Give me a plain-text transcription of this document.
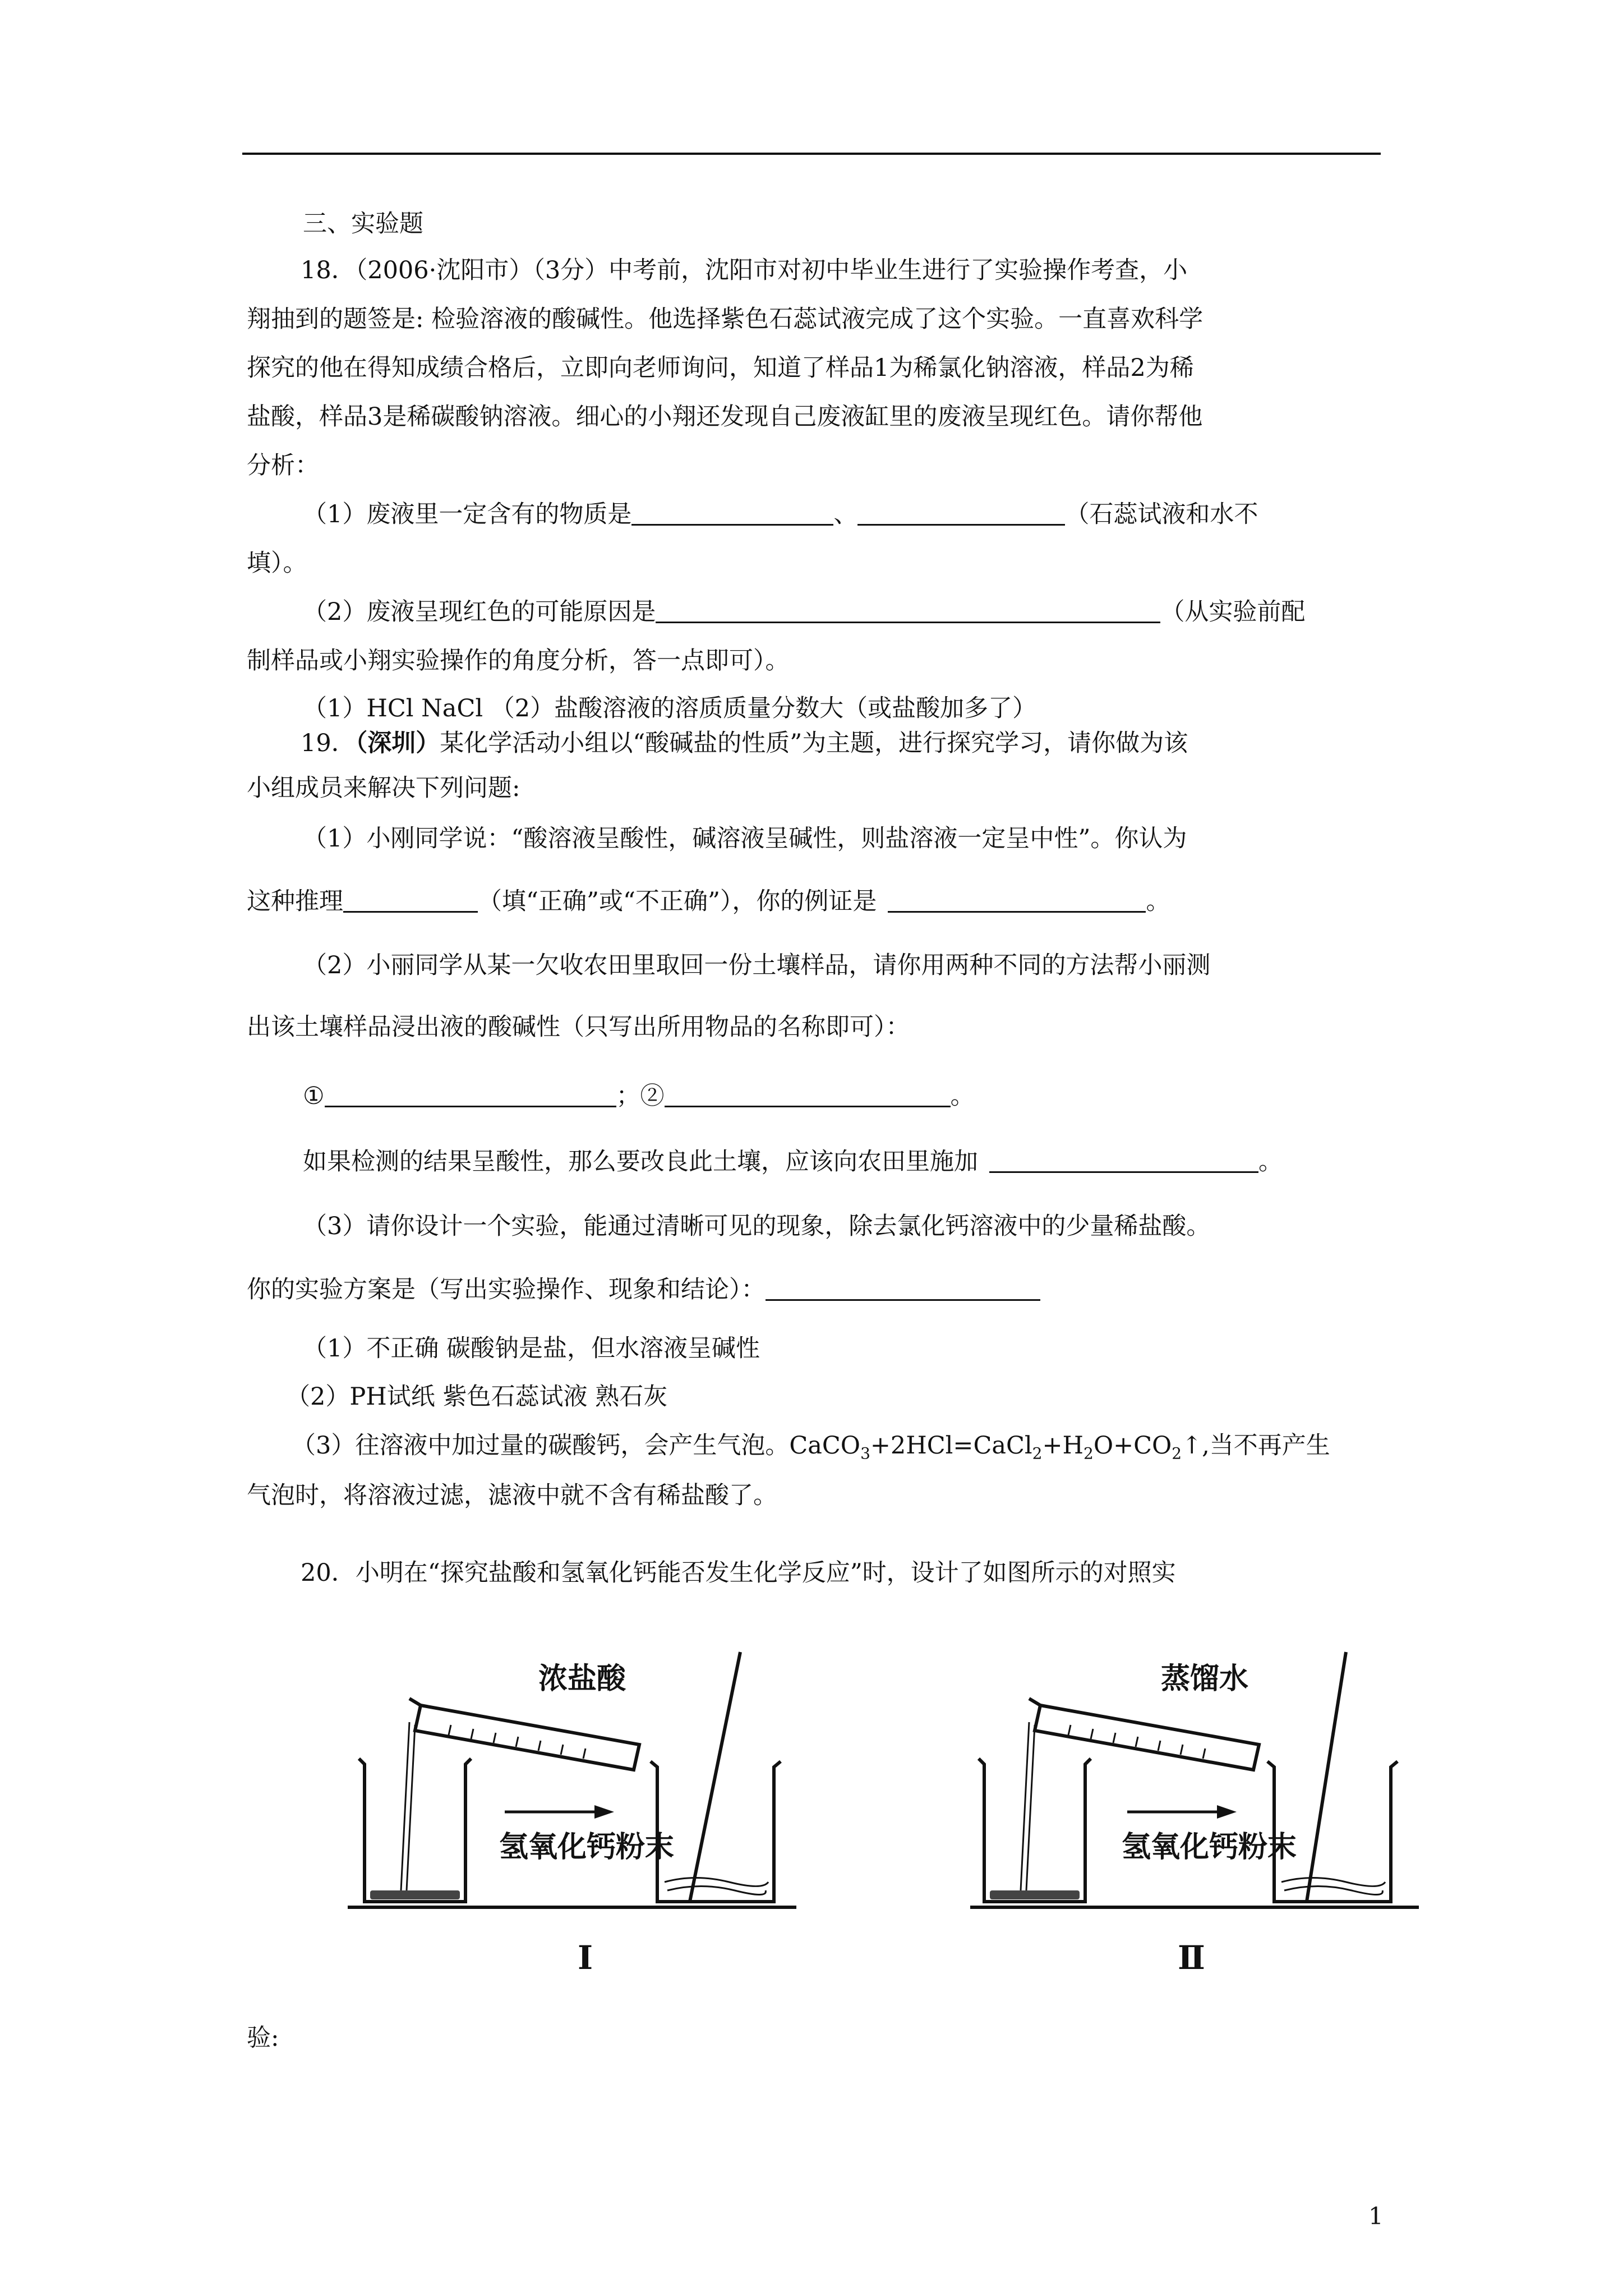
三、实验题
18．（2006·沈阳市）（3分）中考前，沈阳市对初中毕业生进行了实验操作考查，小
翔抽到的题签是: 检验溶液的酸碱性。他选择紫色石蕊试液完成了这个实验。一直喜欢科学
探究的他在得知成绩合格后，立即向老师询问，知道了样品1为稀氯化钠溶液，样品2为稀
盐酸，样品3是稀碳酸钠溶液。细心的小翔还发现自己废液缸里的废液呈现红色。请你帮他
分析：
（1）废液里一定含有的物质是	、	（石蕊试液和水不
填）。
（2）废液呈现红色的可能原因是	（从实验前配
制样品或小翔实验操作的角度分析，答一点即可）。
（1）HCl NaCl （2）盐酸溶液的溶质质量分数大（或盐酸加多了）
19．（深圳）某化学活动小组以“酸碱盐的性质”为主题，进行探究学习，请你做为该
小组成员来解决下列问题:
（1）小刚同学说：“酸溶液呈酸性，碱溶液呈碱性，则盐溶液一定呈中性”。你认为
这种推理	（填“正确”或“不正确”），你的例证是	。
（2）小丽同学从某一欠收农田里取回一份土壤样品，请你用两种不同的方法帮小丽测
出该土壤样品浸出液的酸碱性（只写出所用物品的名称即可）：
①	；②	。
如果检测的结果呈酸性，那么要改良此土壤，应该向农田里施加	。
（3）请你设计一个实验，能通过清晰可见的现象，除去氯化钙溶液中的少量稀盐酸。
你的实验方案是（写出实验操作、现象和结论）：
（1）不正确 碳酸钠是盐，但水溶液呈碱性
（2）PH试纸 紫色石蕊试液 熟石灰
（3）往溶液中加过量的碳酸钙，会产生气泡。$CaCO_3+2HCl=CaCl_2+H_2O+CO_2↑$,当不再产生
气泡时，将溶液过滤，滤液中就不含有稀盐酸了。
20．小明在“探究盐酸和氢氧化钙能否发生化学反应”时，设计了如图所示的对照实
浓盐酸
氢氧化钙粉末
蒸馏水
氢氧化钙粉末
Ⅰ	Ⅱ
验:
1
